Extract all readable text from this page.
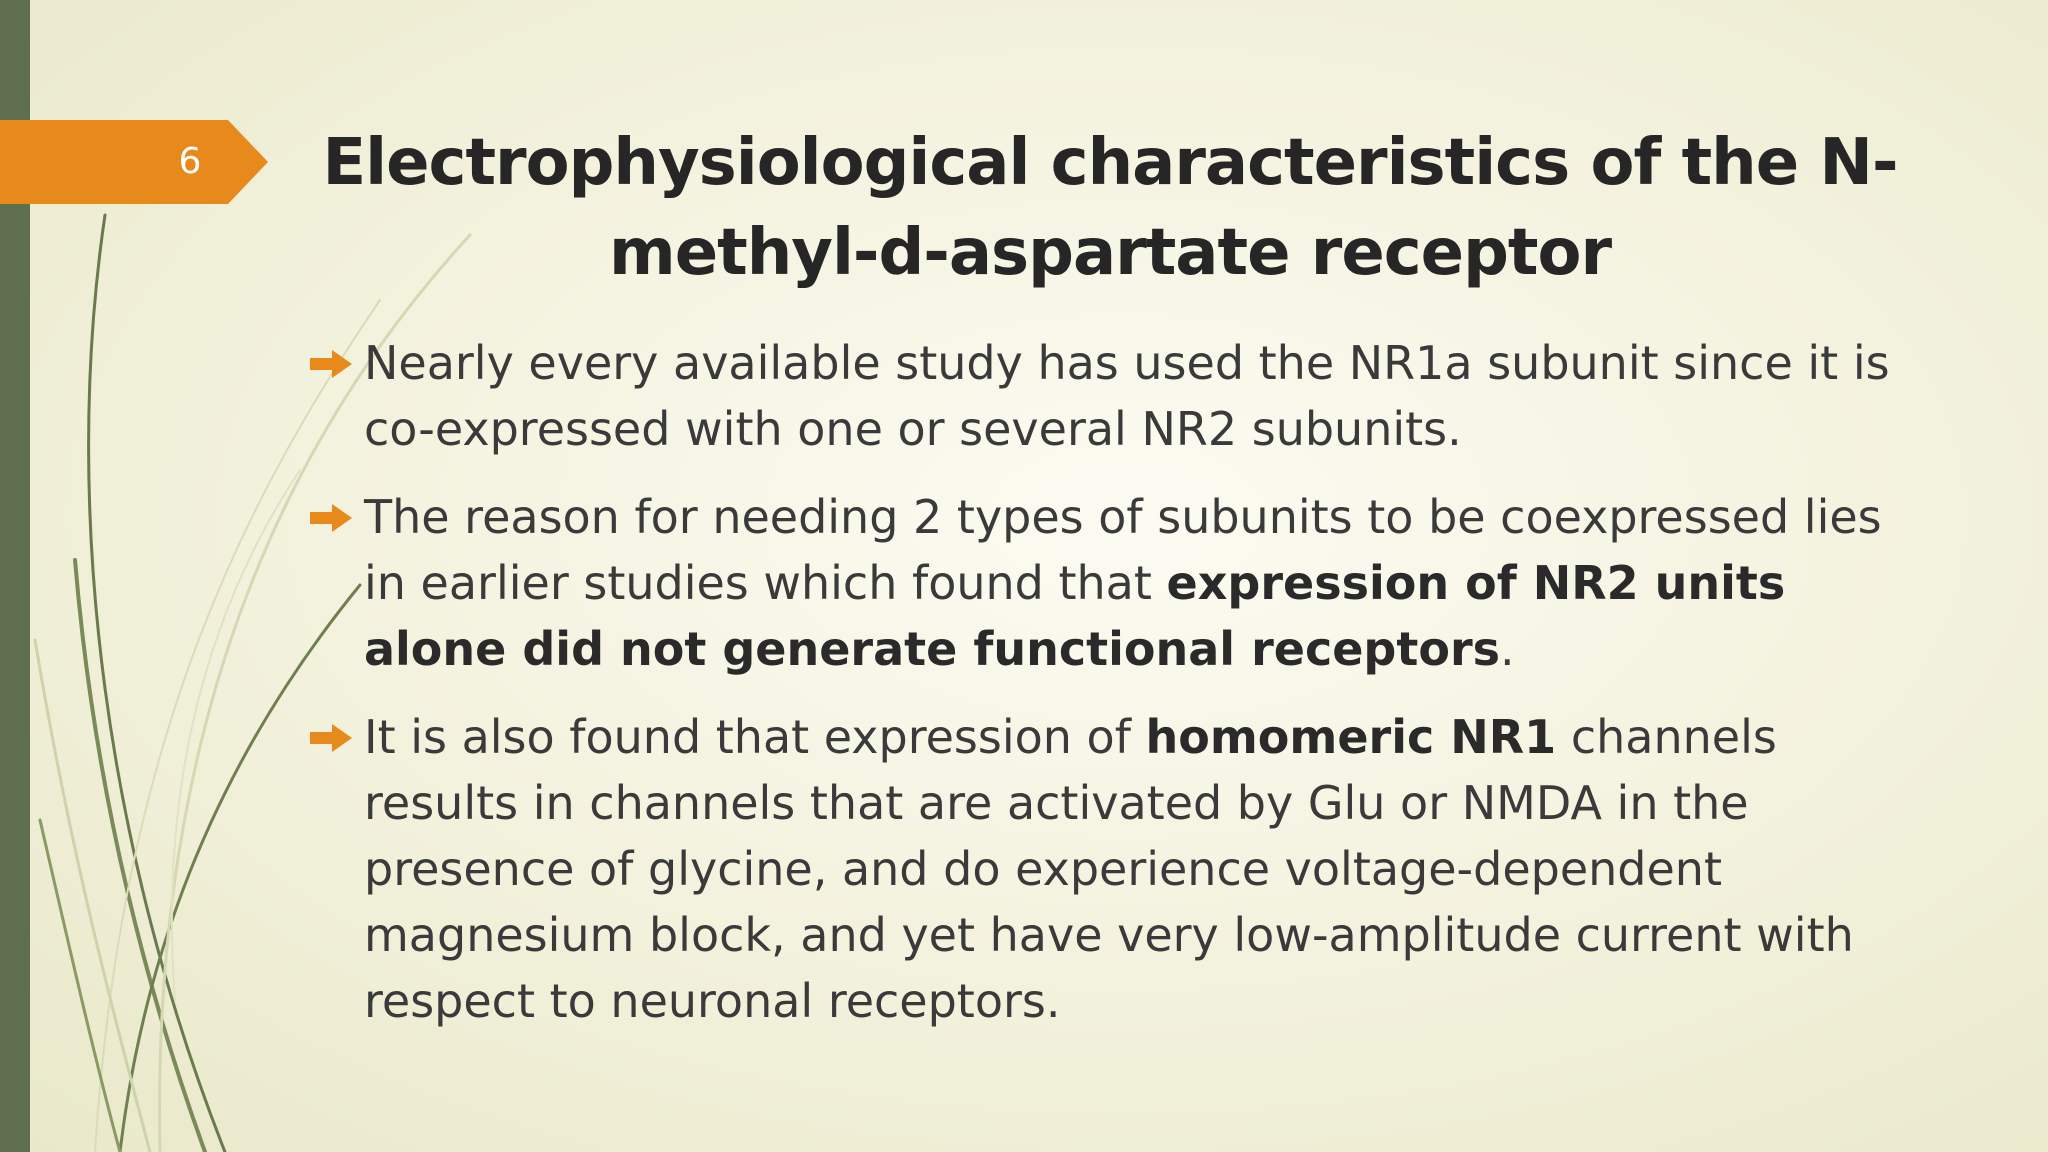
6	Electrophysiological characteristics of the N-methyl-d-aspartate receptor
Nearly every available study has used the NR1a subunit since it is co-expressed with one or several NR2 subunits.
The reason for needing 2 types of subunits to be coexpressed lies in earlier studies which found that expression of NR2 units alone did not generate functional receptors.
It is also found that expression of homomeric NR1 channels results in channels that are activated by Glu or NMDA in the presence of glycine, and do experience voltage-dependent magnesium block, and yet have very low-amplitude current with respect to neuronal receptors.
